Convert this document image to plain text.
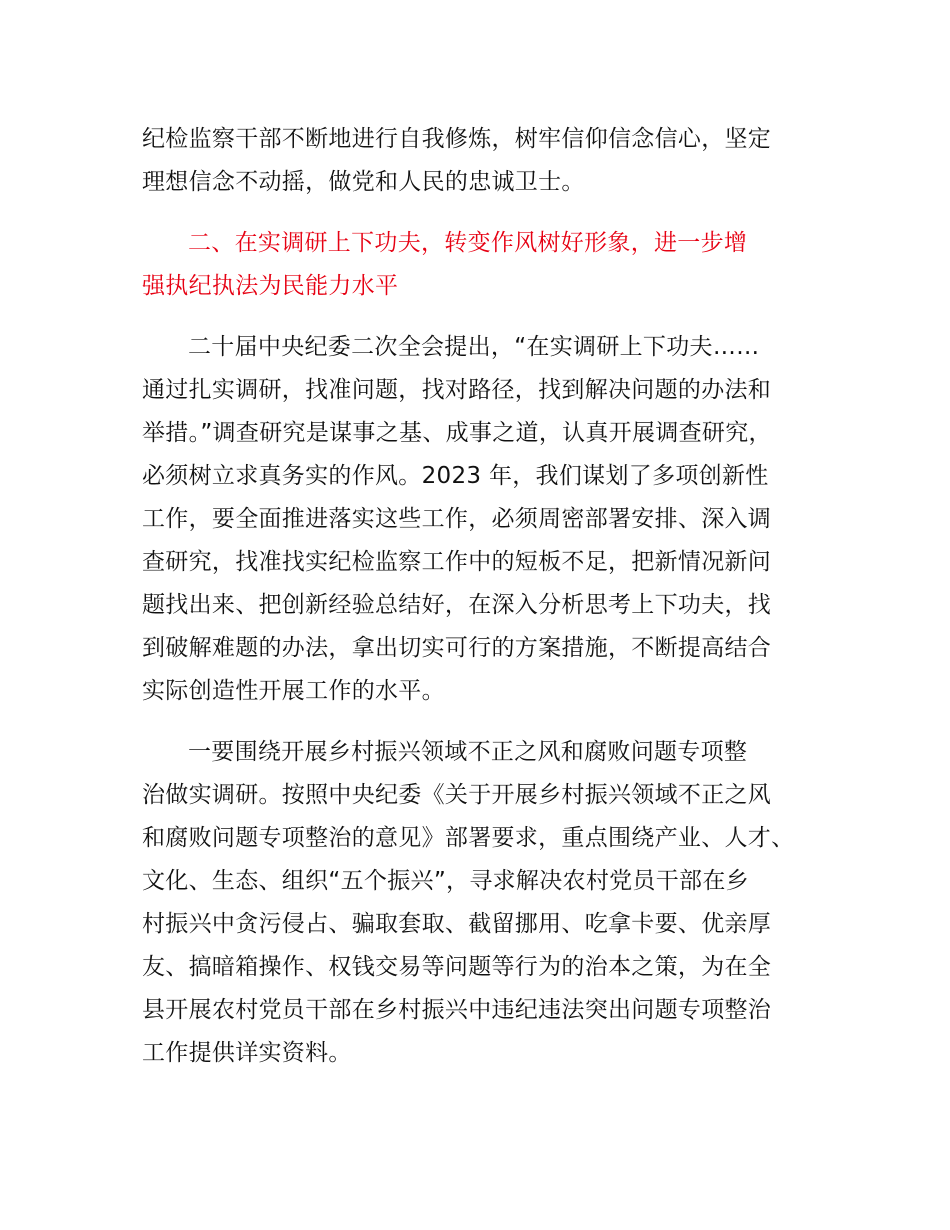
纪检监察干部不断地进行自我修炼，树牢信仰信念信心，坚定
理想信念不动摇，做党和人民的忠诚卫士。
二、在实调研上下功夫，转变作风树好形象，进一步增
强执纪执法为民能力水平
二十届中央纪委二次全会提出，“在实调研上下功夫……
通过扎实调研，找准问题，找对路径，找到解决问题的办法和
举措。”调查研究是谋事之基、成事之道，认真开展调查研究，
必须树立求真务实的作风。2023 年，我们谋划了多项创新性
工作，要全面推进落实这些工作，必须周密部署安排、深入调
查研究，找准找实纪检监察工作中的短板不足，把新情况新问
题找出来、把创新经验总结好，在深入分析思考上下功夫，找
到破解难题的办法，拿出切实可行的方案措施，不断提高结合
实际创造性开展工作的水平。
一要围绕开展乡村振兴领域不正之风和腐败问题专项整
治做实调研。按照中央纪委《关于开展乡村振兴领域不正之风
和腐败问题专项整治的意见》部署要求，重点围绕产业、人才、
文化、生态、组织“五个振兴”，寻求解决农村党员干部在乡
村振兴中贪污侵占、骗取套取、截留挪用、吃拿卡要、优亲厚
友、搞暗箱操作、权钱交易等问题等行为的治本之策，为在全
县开展农村党员干部在乡村振兴中违纪违法突出问题专项整治
工作提供详实资料。
